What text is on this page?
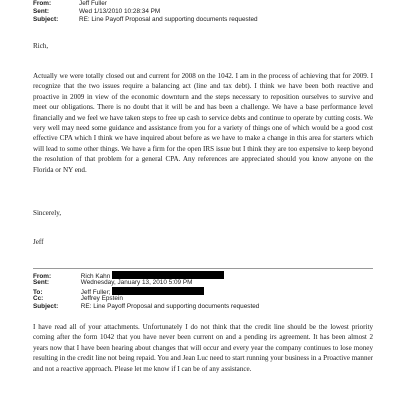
From:	Jeff Fuller
Sent:	Wed 1/13/2010 10:28:34 PM
Subject:	RE: Line Payoff Proposal and supporting documents requested
Rich,

Actually we were totally closed out and current for 2008 on the 1042. I am in the process of achieving that for 2009. I recognize that the two issues require a balancing act (line and tax debt). I think we have been both reactive and proactive in 2009 in view of the economic downturn and the steps necessary to reposition ourselves to survive and meet our obligations. There is no doubt that it will be and has been a challenge. We have a base performance level financially and we feel we have taken steps to free up cash to service debts and continue to operate by cutting costs. We very well may need some guidance and assistance from you for a variety of things one of which would be a good cost effective CPA which I think we have inquired about before as we have to make a change in this area for starters which will lead to some other things. We have a firm for the open IRS issue but I think they are too expensive to keep beyond the resolution of that problem for a general CPA. Any references are appreciated should you know anyone on the Florida or NY end.

Sincerely,
Jeff
From:	Rich Kahn
Sent:	Wednesday, January 13, 2010 5:09 PM
To:	Jeff Fuller;
Cc:	Jeffrey Epstein
Subject:	RE: Line Payoff Proposal and supporting documents requested

I have read all of your attachments. Unfortunately I do not think that the credit line should be the lowest priority coming after the form 1042 that you have never been current on and a pending irs agreement. It has been almost 2 years now that I have been hearing about changes that will occur and every year the company continues to lose money resulting in the credit line not being repaid. You and Jean Luc need to start running your business in a Proactive manner and not a reactive approach. Please let me know if I can be of any assistance.
